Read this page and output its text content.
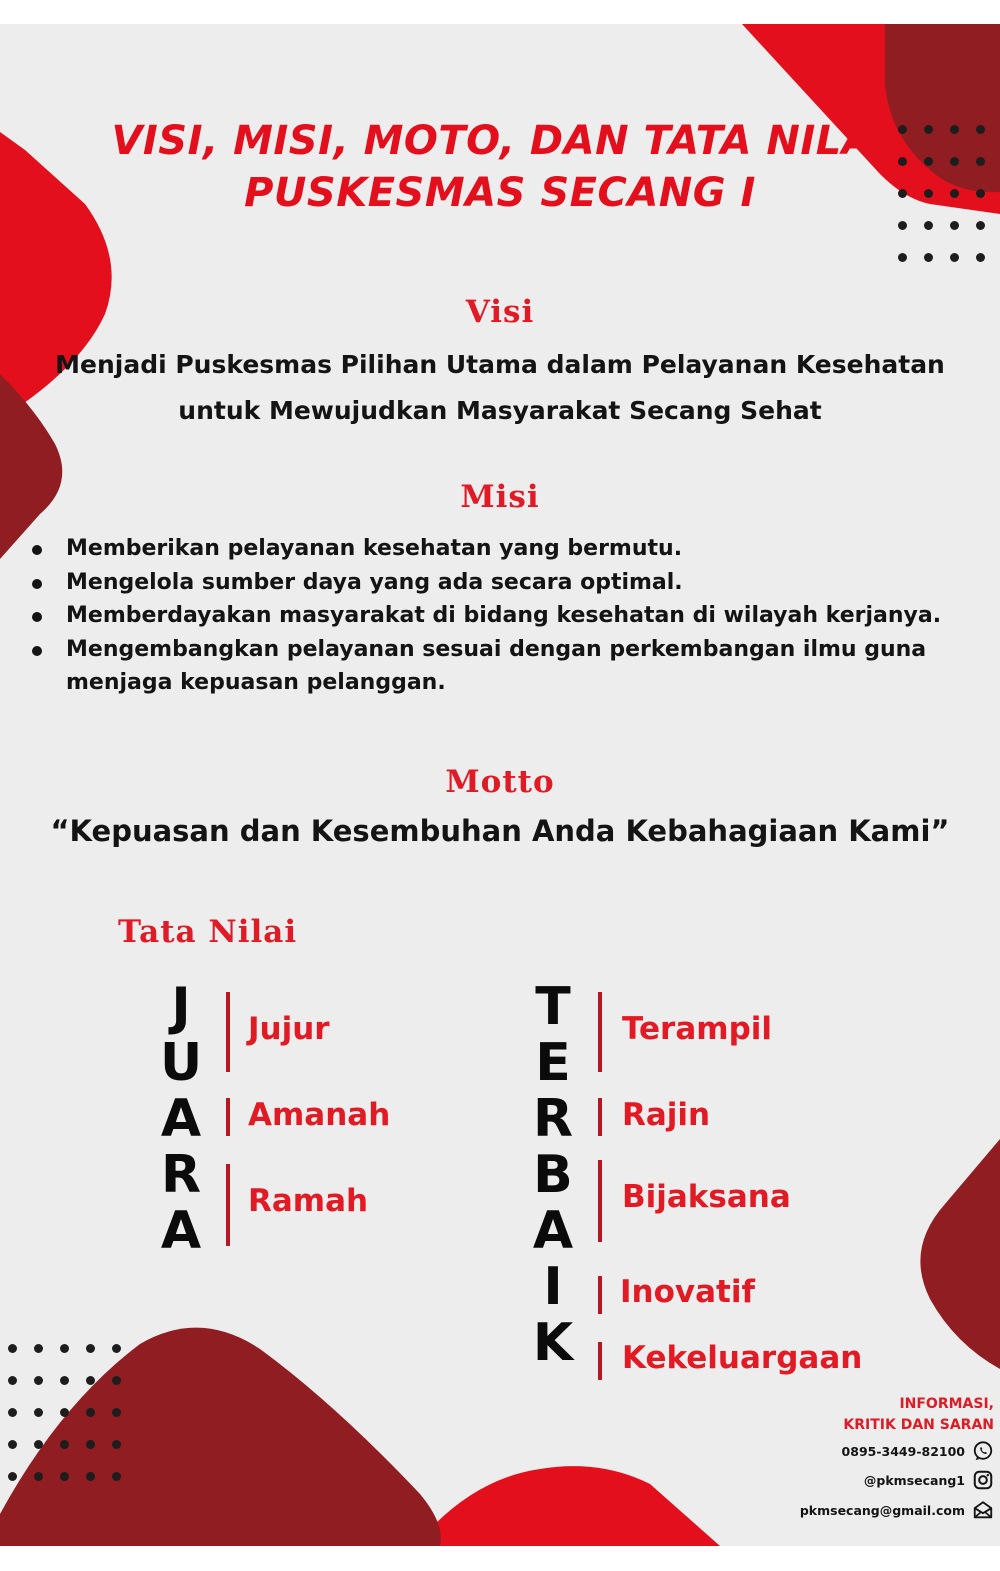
VISI, MISI, MOTO, DAN TATA NILAI
PUSKESMAS SECANG I
Visi
Menjadi Puskesmas Pilihan Utama dalam Pelayanan Kesehatan
untuk Mewujudkan Masyarakat Secang Sehat
Misi
Memberikan pelayanan kesehatan yang bermutu.
Mengelola sumber daya yang ada secara optimal.
Memberdayakan masyarakat di bidang kesehatan di wilayah kerjanya.
Mengembangkan pelayanan sesuai dengan perkembangan ilmu guna menjaga kepuasan pelanggan.
Motto
“Kepuasan dan Kesembuhan Anda Kebahagiaan Kami”
Tata Nilai
J
U
A
R
A
Jujur
Amanah
Ramah
T
E
R
B
A
I
K
Terampil
Rajin
Bijaksana
Inovatif
Kekeluargaan
INFORMASI,
KRITIK DAN SARAN
0895-3449-82100
@pkmsecang1
pkmsecang@gmail.com
